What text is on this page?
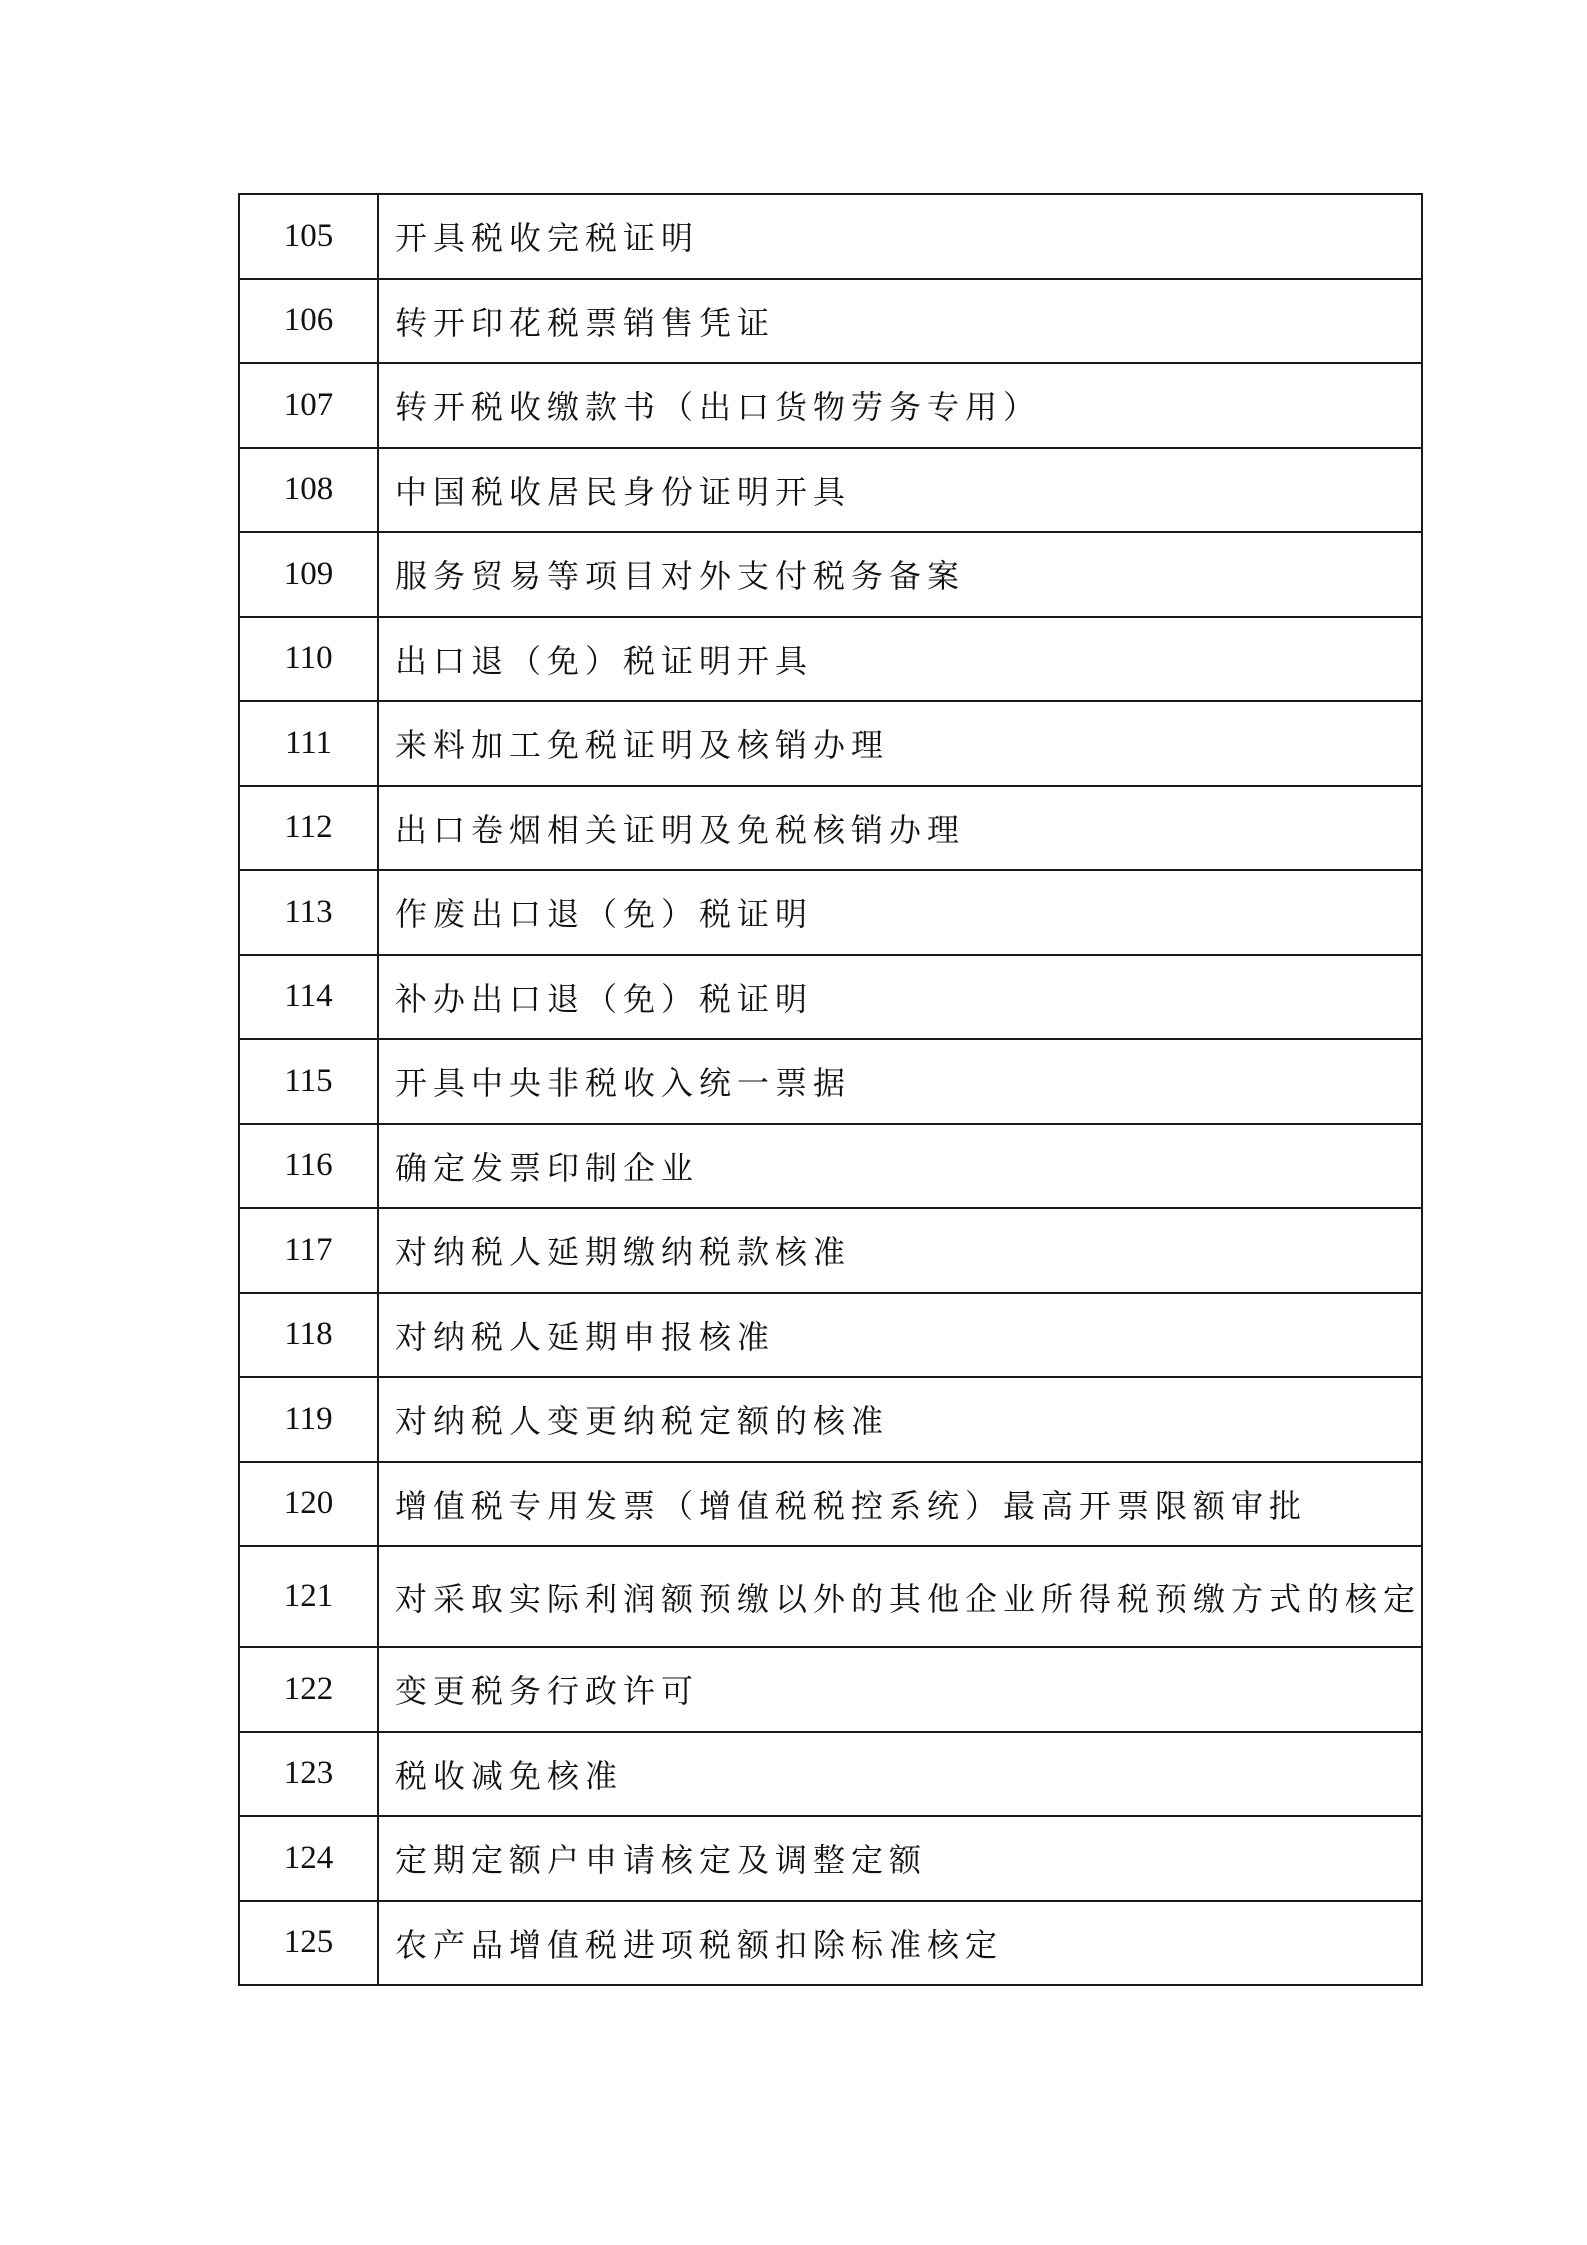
105	开具税收完税证明
106	转开印花税票销售凭证
107	转开税收缴款书（出口货物劳务专用）
108	中国税收居民身份证明开具
109	服务贸易等项目对外支付税务备案
110	出口退（免）税证明开具
111	来料加工免税证明及核销办理
112	出口卷烟相关证明及免税核销办理
113	作废出口退（免）税证明
114	补办出口退（免）税证明
115	开具中央非税收入统一票据
116	确定发票印制企业
117	对纳税人延期缴纳税款核准
118	对纳税人延期申报核准
119	对纳税人变更纳税定额的核准
120	增值税专用发票（增值税税控系统）最高开票限额审批
121	对采取实际利润额预缴以外的其他企业所得税预缴方式的核定
122	变更税务行政许可
123	税收减免核准
124	定期定额户申请核定及调整定额
125	农产品增值税进项税额扣除标准核定
